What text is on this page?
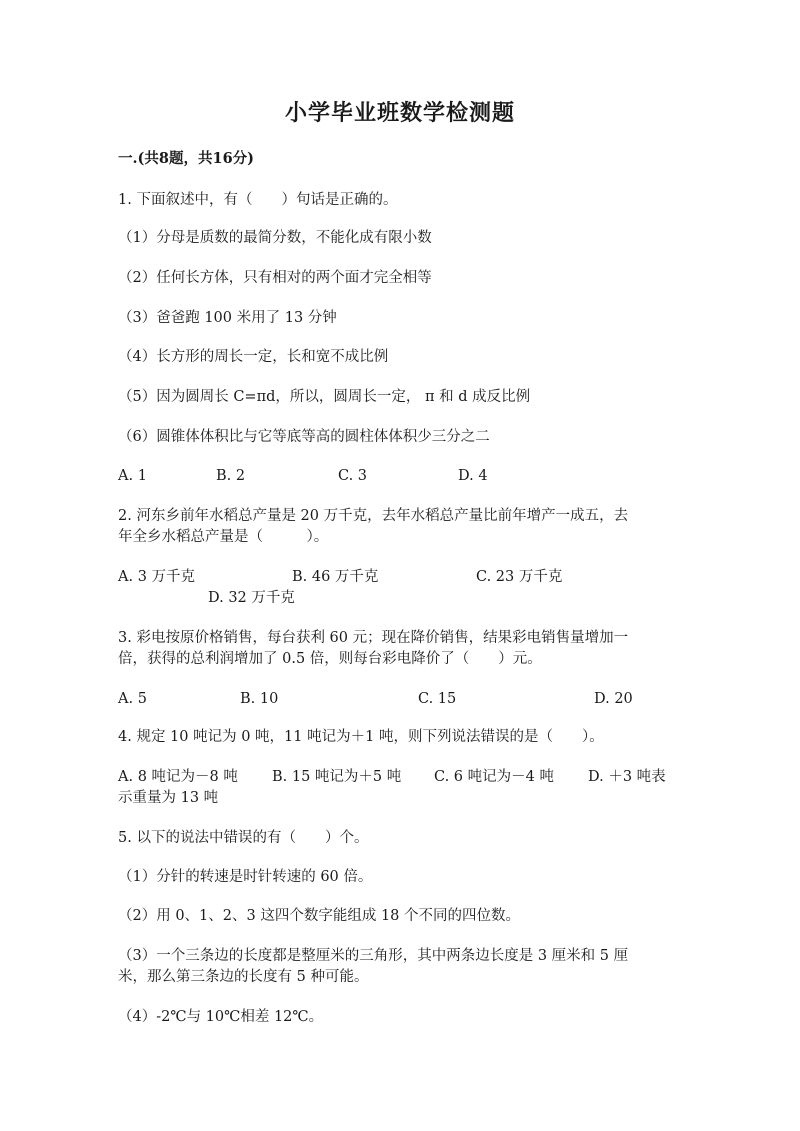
小学毕业班数学检测题
一.(共8题，共16分)
1. 下面叙述中，有（　　）句话是正确的。
（1）分母是质数的最简分数，不能化成有限小数
（2）任何长方体，只有相对的两个面才完全相等
（3）爸爸跑 100 米用了 13 分钟
（4）长方形的周长一定，长和宽不成比例
（5）因为圆周长 C=πd，所以，圆周长一定， π 和 d 成反比例
（6）圆锥体体积比与它等底等高的圆柱体体积少三分之二
A. 1	B. 2	C. 3	D. 4
2. 河东乡前年水稻总产量是 20 万千克，去年水稻总产量比前年增产一成五，去
年全乡水稻总产量是（　　　）。
A. 3 万千克	B. 46 万千克	C. 23 万千克
D. 32 万千克
3. 彩电按原价格销售，每台获利 60 元；现在降价销售，结果彩电销售量增加一
倍，获得的总利润增加了 0.5 倍，则每台彩电降价了（　　）元。
A. 5	B. 10	C. 15	D. 20
4. 规定 10 吨记为 0 吨，11 吨记为＋1 吨，则下列说法错误的是（　　）。
A. 8 吨记为－8 吨 B. 15 吨记为＋5 吨 C. 6 吨记为－4 吨 D. ＋3 吨表
示重量为 13 吨
5. 以下的说法中错误的有（　　）个。
（1）分针的转速是时针转速的 60 倍。
（2）用 0、1、2、3 这四个数字能组成 18 个不同的四位数。
（3）一个三条边的长度都是整厘米的三角形，其中两条边长度是 3 厘米和 5 厘
米，那么第三条边的长度有 5 种可能。
（4）-2℃与 10℃相差 12℃。
